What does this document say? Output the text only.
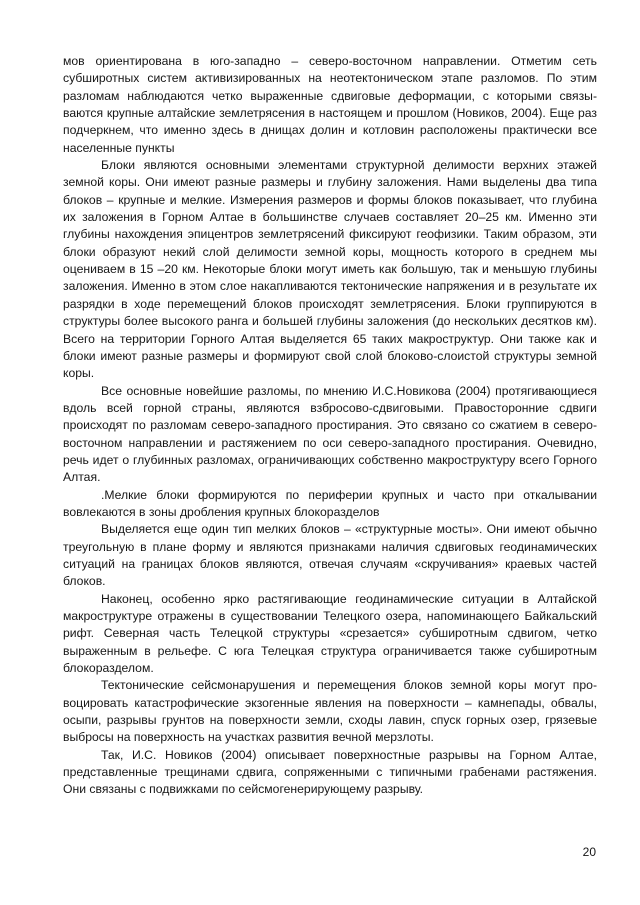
мов ориентирована в юго-западно – северо-восточном направлении. Отметим сеть субширотных систем активизированных на неотектоническом этапе разломов. По этим разломам наблюдаются четко выраженные сдвиговые деформации, с которыми связываются крупные алтайские землетрясения в настоящем и прошлом (Новиков, 2004). Еще раз подчеркнем, что именно здесь в днищах долин и котловин расположены практически все населенные пункты

Блоки являются основными элементами структурной делимости верхних этажей земной коры. Они имеют разные размеры и глубину заложения. Нами выделены два типа блоков – крупные и мелкие. Измерения размеров и формы блоков показывает, что глубина их заложения в Горном Алтае в большинстве случаев составляет 20–25 км. Именно эти глубины нахождения эпицентров землетрясений фиксируют геофизики. Таким образом, эти блоки образуют некий слой делимости земной коры, мощность которого в среднем мы оцениваем в 15 –20 км. Некоторые блоки могут иметь как большую, так и меньшую глубины заложения. Именно в этом слое накапливаются тектонические напряжения и в результате их разрядки в ходе перемещений блоков происходят землетрясения. Блоки группируются в структуры более высокого ранга и большей глубины заложения (до нескольких десятков км). Всего на территории Горного Алтая выделяется 65 таких макроструктур. Они также как и блоки имеют разные размеры и формируют свой слой блоково-слоистой структуры земной коры.

Все основные новейшие разломы, по мнению И.С.Новикова (2004) протягивающиеся вдоль всей горной страны, являются взбросово-сдвиговыми. Правосторонние сдвиги происходят по разломам северо-западного простирания. Это связано со сжатием в северо-восточном направлении и растяжением по оси северо-западного простирания. Очевидно, речь идет о глубинных разломах, ограничивающих собственно макроструктуру всего Горного Алтая.

.Мелкие блоки формируются по периферии крупных и часто при откалывании вовлекаются в зоны дробления крупных блокоразделов

Выделяется еще один тип мелких блоков – «структурные мосты». Они имеют обычно треугольную в плане форму и являются признаками наличия сдвиговых геодинамических ситуаций на границах блоков являются, отвечая случаям «скручивания» краевых частей блоков.

Наконец, особенно ярко растягивающие геодинамические ситуации в Алтайской макроструктуре отражены в существовании Телецкого озера, напоминающего Байкальский рифт. Северная часть Телецкой структуры «срезается» субширотным сдвигом, четко выраженным в рельефе. С юга Телецкая структура ограничивается также субширотным блокоразделом.

Тектонические сейсмонарушения и перемещения блоков земной коры могут провоцировать катастрофические экзогенные явления на поверхности – камнепады, обвалы, осыпи, разрывы грунтов на поверхности земли, сходы лавин, спуск горных озер, грязевые выбросы на поверхность на участках развития вечной мерзлоты.

Так, И.С. Новиков (2004) описывает поверхностные разрывы на Горном Алтае, представленные трещинами сдвига, сопряженными с типичными грабенами растяжения. Они связаны с подвижками по сейсмогенерирующему разрыву.

20
